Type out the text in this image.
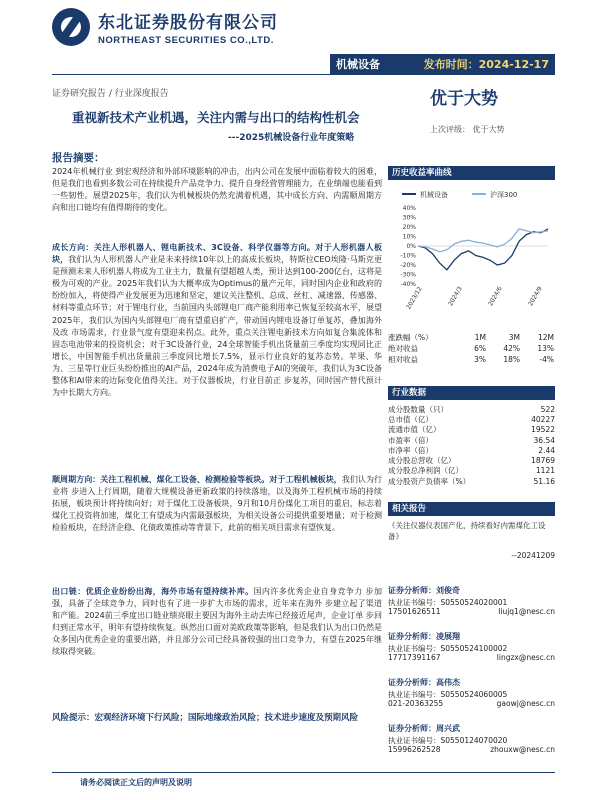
东北证券股份有限公司
NORTHEAST SECURITIES CO.,LTD.
机械设备	发布时间：2024-12-17
证券研究报告 / 行业深度报告	优于大势
上次评级： 优于大势
重视新技术产业机遇，关注内需与出口的结构性机会
---2025机械设备行业年度策略
报告摘要：
2024年机械行业 到宏观经济和外部环境影响的冲击，出内公司在发展中面临着较大的困难，但是我们也看到多数公司在持续提升产品竞争力、提升自身经营管理能力，在业绩端也能看到一些韧性。展望2025年，我们认为机械板块仍然充满着机遇，其中成长方向、内需顺周期方向和出口链均有值得期待的变化。
成长方向：关注人形机器人、锂电新技术、3C设备、科学仪器等方向。对于人形机器人板块，我们认为人形机器人产业是未来持续10年以上的高成长板块，特斯拉CEO埃隆·马斯克更是预测未来人形机器人将成为工业主力，数量有望超越人类，预计达到100-200亿台，这将是极为可观的产业。2025年我们认为大概率成为Optimus的量产元年，同时国内企业和政府的纷纷加入，将使得产业发展更为迅速和坚定，建议关注整机、总成、丝杠、减速器、传感器、材料等重点环节；对于锂电行业，当前国内头部锂电厂商产能利用率已恢复至较高水平，展望2025年，我们认为国内头部锂电厂商有望重启扩产，带动国内锂电设备订单复苏，叠加海外及改 市场需求，行业景气度有望迎来拐点。此外，重点关注锂电新技术方向如复合集流体和固态电池带来的投资机会；对于3C设备行业，24全球智能手机出货量前三季度均实现同比正增长，中国智能手机出货量前三季度同比增长7.5%，显示行业良好的复苏态势。苹果、华为、三星等行业巨头纷纷推出的AI产品，2024年成为消费电子AI的突破年，我们认为3C设备整体和AI带来的边际变化值得关注。对于仪器板块，行业目前正 步复苏，同时国产替代预计为中长期大方向。
顺周期方向：关注工程机械、煤化工设备、检测检验等板块。对于工程机械板块，我们认为行业将 步进入上行周期，随着大规模设备更新政策的持续落地，以及海外工程机械市场的持续拓展，板块预计将持续向好；对于煤化工设备板块，9月和10月份煤化工项目的重启，标志着煤化工投资将加速，煤化工有望成为内需最强板块，为相关设备公司提供重要增量；对于检测检验板块，在经济企稳、化债政策推动等背景下，此前的相关项目需求有望恢复。
出口链：优质企业纷纷出海，海外市场有望持续补库。国内许多优秀企业自身竞争力 步加强，具备了全球竞争力，同时也有了进一步扩大市场的需求，近年来在海外 步建立起了渠道和产能。2024前三季度出口链业绩亮眼主要因为海外主动去库已经接近尾声，企业订单 步回归到正常水平，明年有望持续恢复。纵然出口面对美欧政策等影响，但是我们认为出口仍然是众多国内优秀企业的重要出路，并且部分公司已经具备较强的出口竞争力，有望在2025年继续取得突破。
风险提示：宏观经济环境下行风险；国际地缘政治风险；技术进步速度及预期风险
历史收益率曲线
机械设备	沪深300
40%
30%
20%
10%
0%
-10%
-20%
-30%
-40%
2023/12	2024/3	2024/6	2024/9
涨跌幅（%）	1M	3M	12M
绝对收益	6%	42%	13%
相对收益	3%	18%	-4%
行业数据
成分股数量（只）	522
总市值（亿）	40227
流通市值（亿）	19522
市盈率（倍）	36.54
市净率（倍）	2.44
成分股总营收（亿）	18769
成分股总净利润（亿）	1121
成分股资产负债率（%）	51.16
相关报告
《关注仪器仪表国产化，持续看好内需煤化工设备》
--20241209
证券分析师：刘俊奇
执业证书编号：S0550524020001
17501626511	liujq1@nesc.cn
证券分析师：凌展翔
执业证书编号：S0550524100002
17717391167	lingzx@nesc.cn
证券分析师：高伟杰
执业证书编号：S0550524060005
021-20363255	gaowj@nesc.cn
证券分析师：周兴武
执业证书编号：S0550124070020
15996262528	zhouxw@nesc.cn
请务必阅读正文后的声明及说明
